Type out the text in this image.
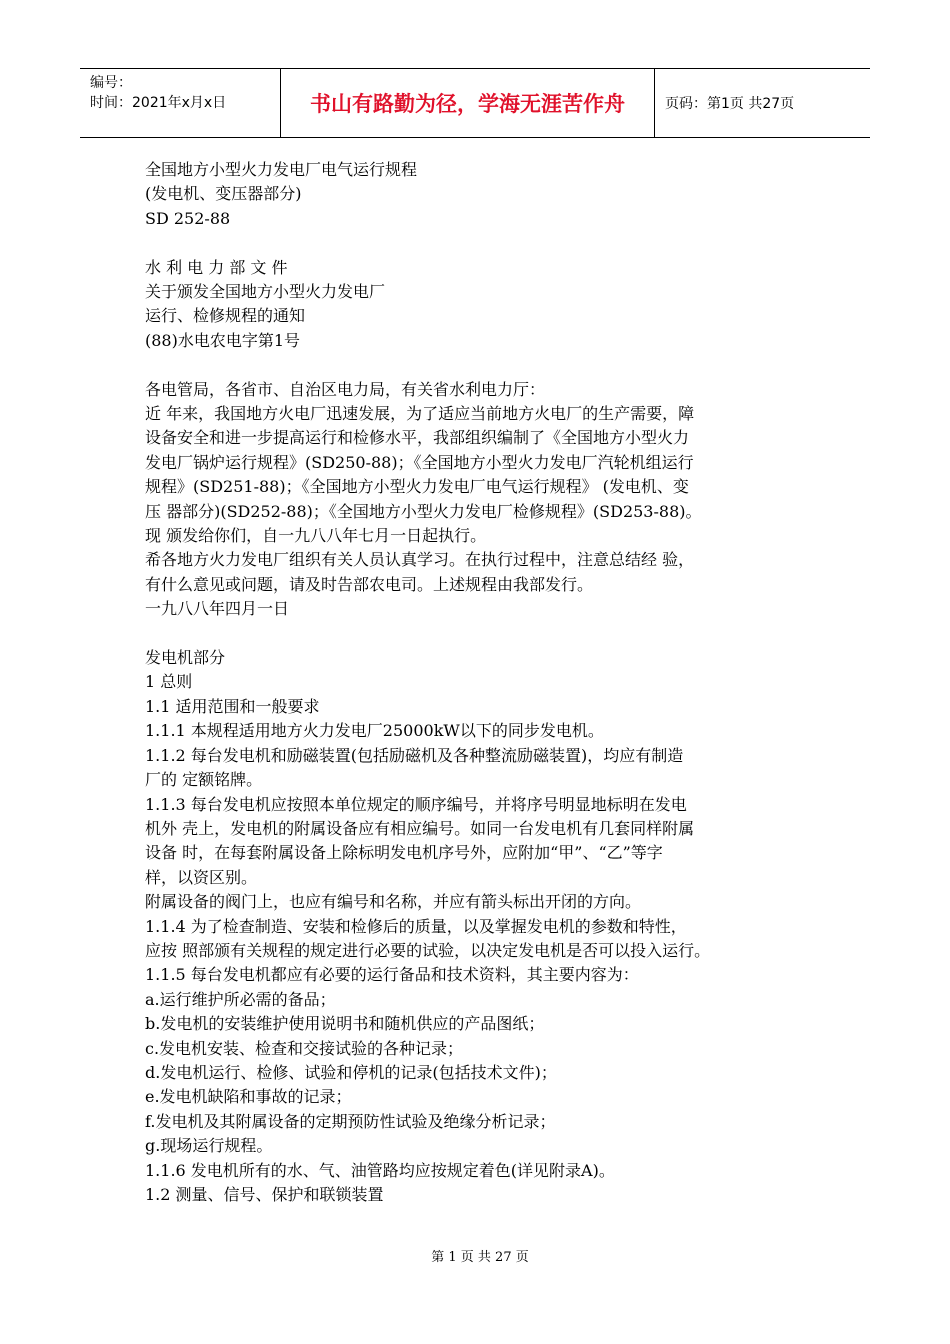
编号：
时间：2021年x月x日	书山有路勤为径，学海无涯苦作舟	页码：第1页 共27页

全国地方小型火力发电厂电气运行规程

(发电机、变压器部分)

SD 252-88

水 利 电 力 部 文 件

关于颁发全国地方小型火力发电厂

运行、检修规程的通知

(88)水电农电字第1号

各电管局，各省市、自治区电力局，有关省水利电力厅：

近 年来，我国地方火电厂迅速发展，为了适应当前地方火电厂的生产需要，障

设备安全和进一步提高运行和检修水平，我部组织编制了《全国地方小型火力

发电厂锅炉运行规程》(SD250-88)；《全国地方小型火力发电厂汽轮机组运行

规程》(SD251-88)；《全国地方小型火力发电厂电气运行规程》 (发电机、变

压 器部分)(SD252-88)；《全国地方小型火力发电厂检修规程》(SD253-88)。

现 颁发给你们，自一九八八年七月一日起执行。

希各地方火力发电厂组织有关人员认真学习。在执行过程中，注意总结经 验，

有什么意见或问题，请及时告部农电司。上述规程由我部发行。

一九八八年四月一日

发电机部分

1 总则

1.1 适用范围和一般要求

1.1.1 本规程适用地方火力发电厂25000kW以下的同步发电机。

1.1.2 每台发电机和励磁装置(包括励磁机及各种整流励磁装置)，均应有制造

厂的 定额铭牌。

1.1.3 每台发电机应按照本单位规定的顺序编号，并将序号明显地标明在发电

机外 壳上，发电机的附属设备应有相应编号。如同一台发电机有几套同样附属

设备 时，在每套附属设备上除标明发电机序号外，应附加“甲”、“乙”等字

样，以资区别。

附属设备的阀门上，也应有编号和名称，并应有箭头标出开闭的方向。

1.1.4 为了检查制造、安装和检修后的质量，以及掌握发电机的参数和特性，

应按 照部颁有关规程的规定进行必要的试验，以决定发电机是否可以投入运行。

1.1.5 每台发电机都应有必要的运行备品和技术资料，其主要内容为：

a.运行维护所必需的备品；

b.发电机的安装维护使用说明书和随机供应的产品图纸；

c.发电机安装、检查和交接试验的各种记录；

d.发电机运行、检修、试验和停机的记录(包括技术文件)；

e.发电机缺陷和事故的记录；

f.发电机及其附属设备的定期预防性试验及绝缘分析记录；

g.现场运行规程。

1.1.6 发电机所有的水、气、油管路均应按规定着色(详见附录A)。

1.2 测量、信号、保护和联锁装置

第 1 页 共 27 页
